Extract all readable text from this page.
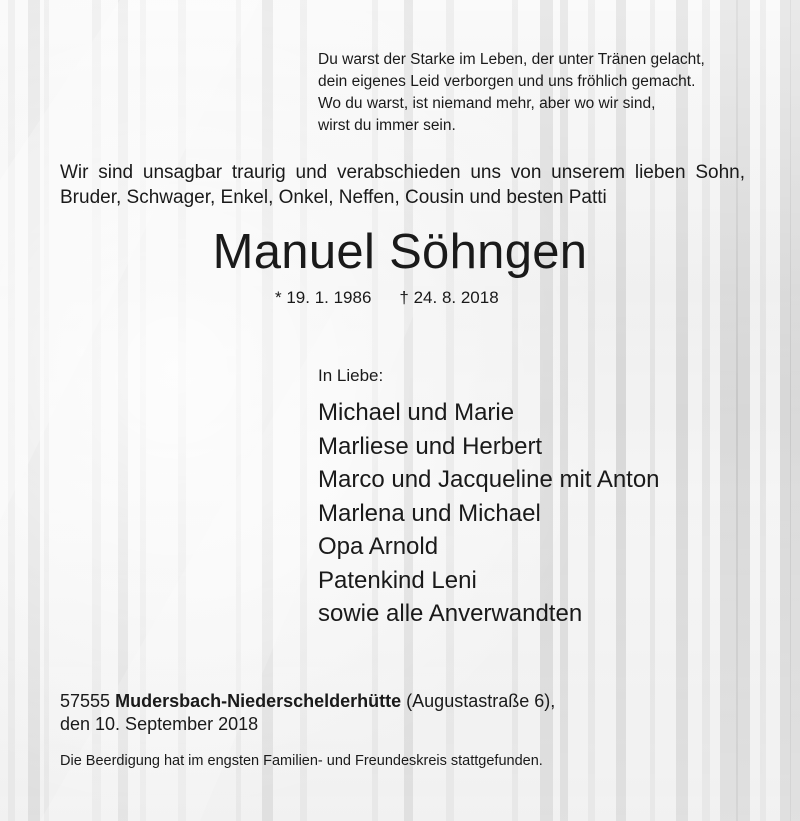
Du warst der Starke im Leben, der unter Tränen gelacht,
dein eigenes Leid verborgen und uns fröhlich gemacht.
Wo du warst, ist niemand mehr, aber wo wir sind,
wirst du immer sein.
Wir sind unsagbar traurig und verabschieden uns von unserem lieben Sohn,
Bruder, Schwager, Enkel, Onkel, Neffen, Cousin und besten Patti
Manuel Söhngen
* 19. 1. 1986 † 24. 8. 2018
In Liebe:
Michael und Marie
Marliese und Herbert
Marco und Jacqueline mit Anton
Marlena und Michael
Opa Arnold
Patenkind Leni
sowie alle Anverwandten
57555 Mudersbach-Niederschelderhütte (Augustastraße 6),
den 10. September 2018
Die Beerdigung hat im engsten Familien- und Freundeskreis stattgefunden.
